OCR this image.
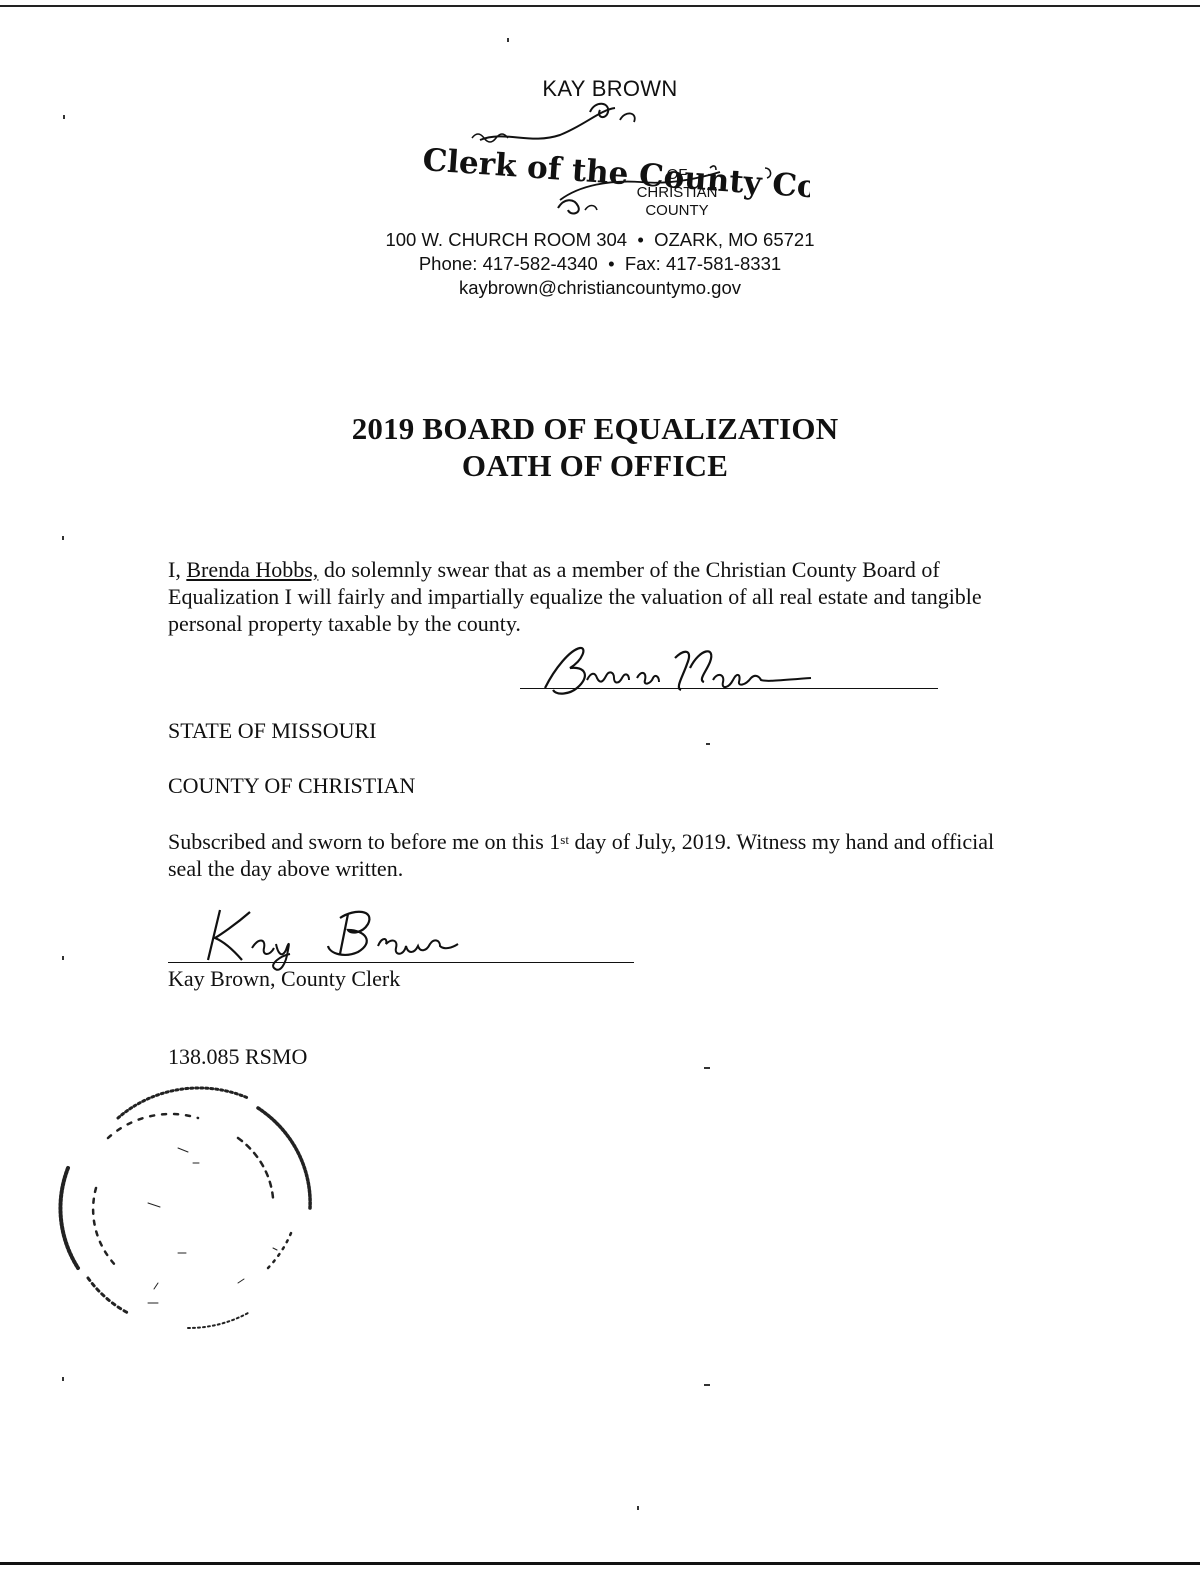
KAY BROWN
Clerk of the County Commission
OF
CHRISTIAN
COUNTY
100 W. CHURCH ROOM 304  •  OZARK, MO 65721
Phone: 417-582-4340  •  Fax: 417-581-8331
kaybrown@christiancountymo.gov
2019 BOARD OF EQUALIZATION
OATH OF OFFICE
I, Brenda Hobbs, do solemnly swear that as a member of the Christian County Board of Equalization I will fairly and impartially equalize the valuation of all real estate and tangible personal property taxable by the county.
STATE OF MISSOURI
COUNTY OF CHRISTIAN
Subscribed and sworn to before me on this 1st day of July, 2019. Witness my hand and official seal the day above written.
Kay Brown, County Clerk
138.085 RSMO
